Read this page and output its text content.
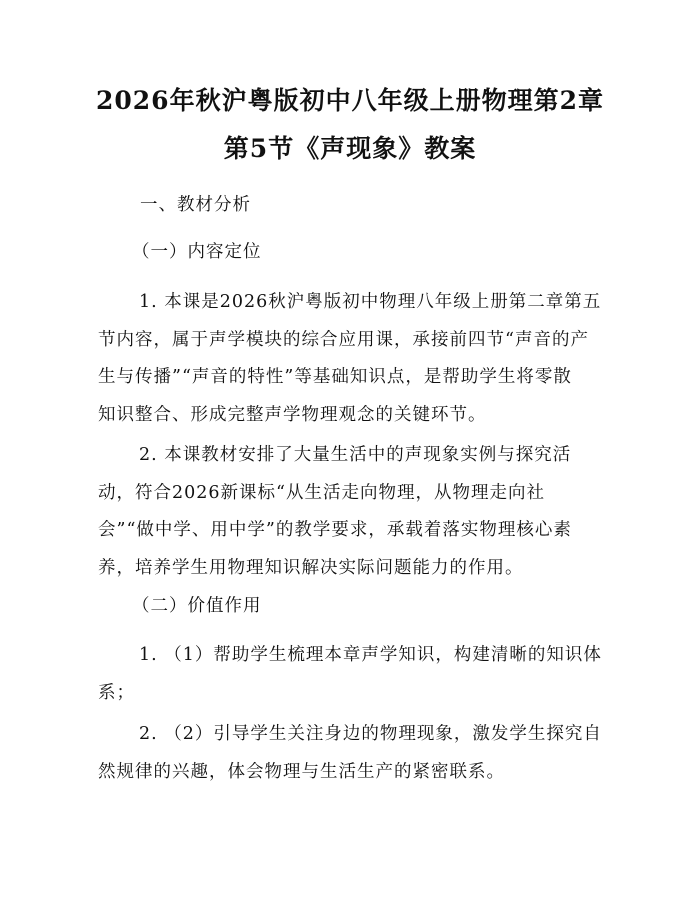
2026年秋沪粤版初中八年级上册物理第2章
第5节《声现象》教案
一、教材分析
（一）内容定位
1. 本课是2026秋沪粤版初中物理八年级上册第二章第五
节内容，属于声学模块的综合应用课，承接前四节“声音的产
生与传播”“声音的特性”等基础知识点，是帮助学生将零散
知识整合、形成完整声学物理观念的关键环节。
2. 本课教材安排了大量生活中的声现象实例与探究活
动，符合2026新课标“从生活走向物理，从物理走向社
会”“做中学、用中学”的教学要求，承载着落实物理核心素
养，培养学生用物理知识解决实际问题能力的作用。
（二）价值作用
1. （1）帮助学生梳理本章声学知识，构建清晰的知识体
系；
2. （2）引导学生关注身边的物理现象，激发学生探究自
然规律的兴趣，体会物理与生活生产的紧密联系。
